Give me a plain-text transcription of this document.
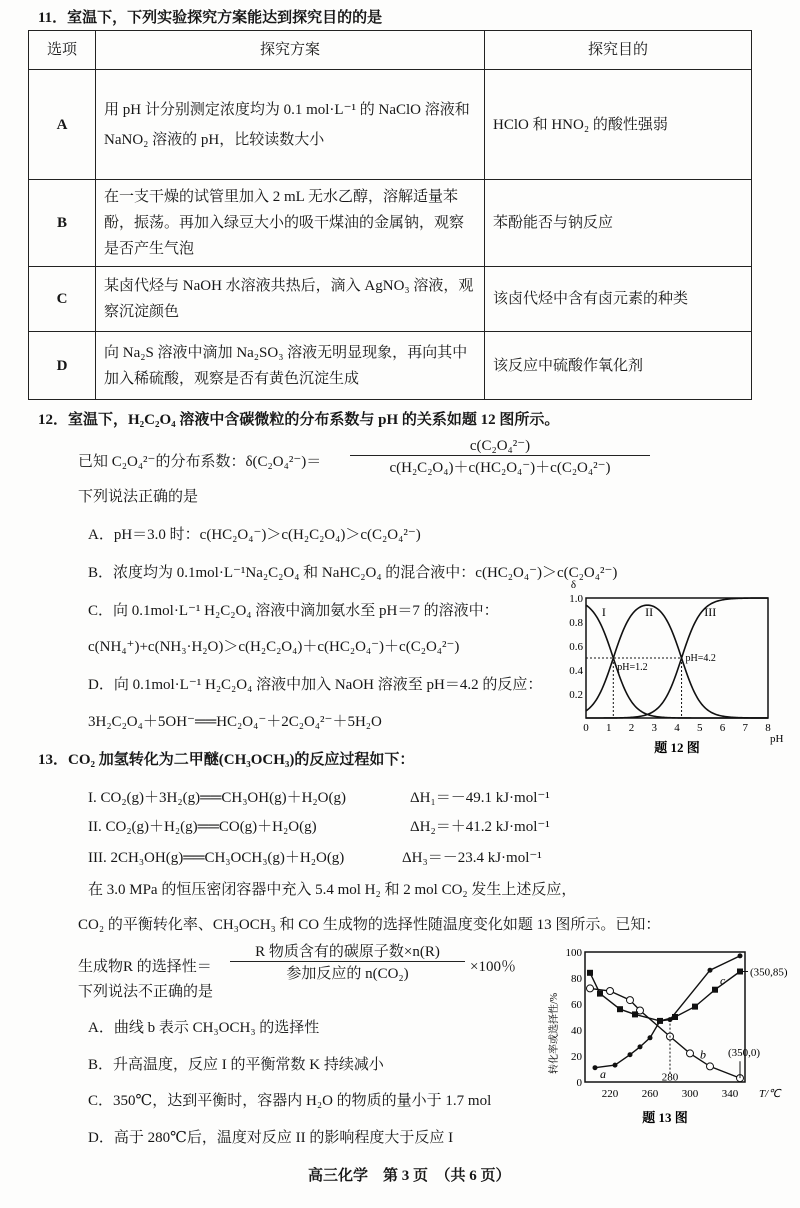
11．室温下，下列实验探究方案能达到探究目的的是
选项	探究方案	探究目的
A	用 pH 计分别测定浓度均为 0.1 mol·L⁻¹ 的 NaClO 溶液和 NaNO₂ 溶液的 pH，比较读数大小	HClO 和 HNO₂ 的酸性强弱
B	在一支干燥的试管里加入 2 mL 无水乙醇，溶解适量苯酚，振荡。再加入绿豆大小的吸干煤油的金属钠，观察是否产生气泡	苯酚能否与钠反应
C	某卤代烃与 NaOH 水溶液共热后，滴入 AgNO₃ 溶液，观察沉淀颜色	该卤代烃中含有卤元素的种类
D	向 Na₂S 溶液中滴加 Na₂SO₃ 溶液无明显现象，再向其中加入稀硫酸，观察是否有黄色沉淀生成	该反应中硫酸作氧化剂
12．室温下，H₂C₂O₄ 溶液中含碳微粒的分布系数与 pH 的关系如题 12 图所示。
已知 C₂O₄²⁻的分布系数：$\delta(C_2O_4^{2-})= \frac{\text{c(C₂O₄²⁻)}}{\text{c(H₂C₂O₄)＋c(HC₂O₄⁻)＋c(C₂O₄²⁻)}}$
下列说法正确的是
A．pH＝3.0 时：c(HC₂O₄⁻)＞c(H₂C₂O₄)＞c(C₂O₄²⁻)
B．浓度均为 0.1mol·L⁻¹Na₂C₂O₄ 和 NaHC₂O₄ 的混合液中：c(HC₂O₄⁻)＞c(C₂O₄²⁻)
C．向 0.1mol·L⁻¹ H₂C₂O₄ 溶液中滴加氨水至 pH＝7 的溶液中：
c(NH₄⁺)+c(NH₃·H₂O)＞c(H₂C₂O₄)＋c(HC₂O₄⁻)＋c(C₂O₄²⁻)
D．向 0.1mol·L⁻¹ H₂C₂O₄ 溶液中加入 NaOH 溶液至 pH＝4.2 的反应：
3H₂C₂O₄＋5OH⁻══HC₂O₄⁻＋2C₂O₄²⁻＋5H₂O	0 1 2 3 4 5 6 7 8
0.2
0.4
0.6
0.8
1.0
δ
pH
I	II	III
pH=1.2
pH=4.2
题 12 图
13．CO₂ 加氢转化为二甲醚(CH₃OCH₃)的反应过程如下：
I. CO₂(g)＋3H₂(g)══CH₃OH(g)＋H₂O(g)	ΔH₁＝－49.1 kJ·mol⁻¹
II. CO₂(g)＋H₂(g)══CO(g)＋H₂O(g)	ΔH₂＝＋41.2 kJ·mol⁻¹
III. 2CH₃OH(g)══CH₃OCH₃(g)＋H₂O(g)	ΔH₃＝－23.4 kJ·mol⁻¹
在 3.0 MPa 的恒压密闭容器中充入 5.4 mol H₂ 和 2 mol CO₂ 发生上述反应，
CO₂ 的平衡转化率、CH₃OCH₃ 和 CO 生成物的选择性随温度变化如题 13 图所示。已知：
生成物R 的选择性＝
R 物质含有的碳原子数×n(R)
参加反应的 n(CO₂)	×100％
下列说法不正确的是
A．曲线 b 表示 CH₃OCH₃ 的选择性
B．升高温度，反应 I 的平衡常数 K 持续减小
C．350℃，达到平衡时，容器内 H₂O 的物质的量小于 1.7 mol
D．高于 280℃后，温度对反应 II 的影响程度大于反应 I
0
20
40
60
80
100
220 260 300 340 T/℃
转化率或选择性/%
a
b
c
280
(350,85)
(350,0)
题 13 图
高三化学　第 3 页　（共 6 页）
